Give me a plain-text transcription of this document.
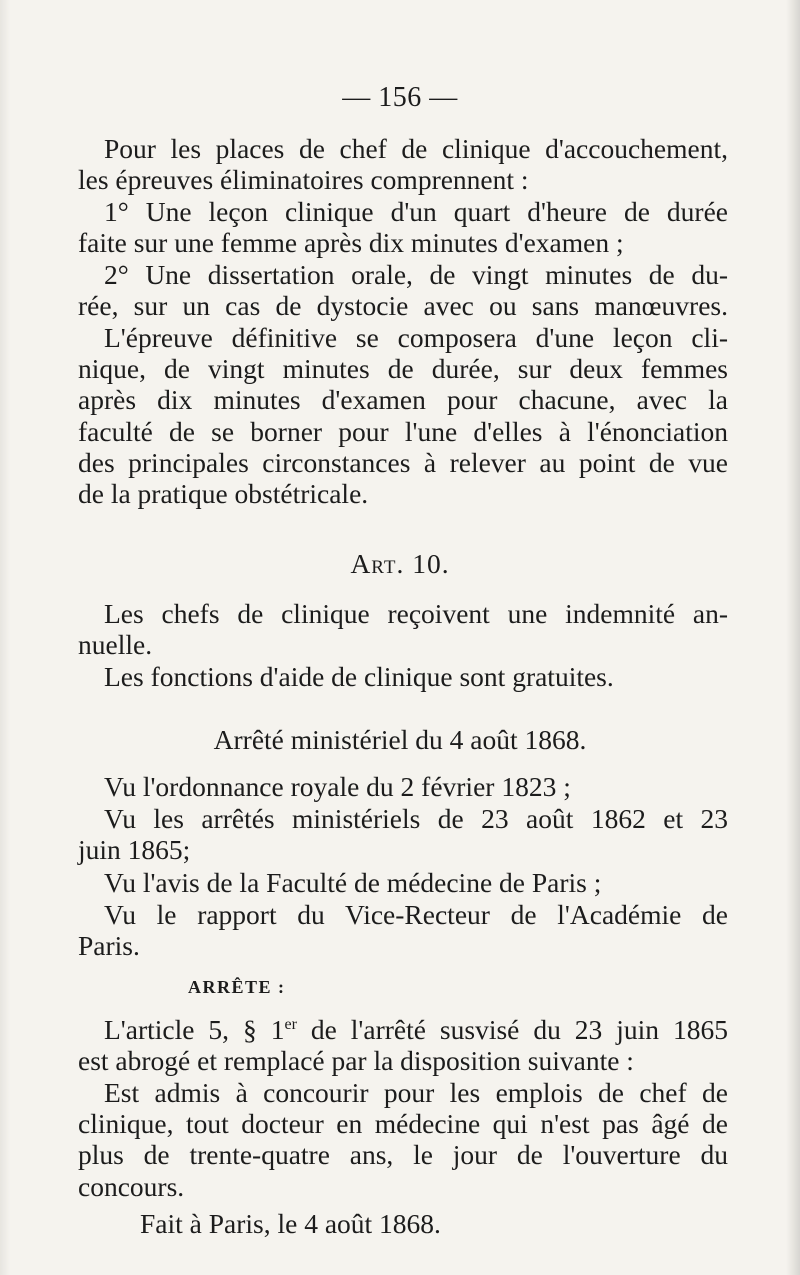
— 156 —
Pour les places de chef de clinique d'accouchement,
les épreuves éliminatoires comprennent :
1° Une leçon clinique d'un quart d'heure de durée
faite sur une femme après dix minutes d'examen ;
2° Une dissertation orale, de vingt minutes de du-
rée, sur un cas de dystocie avec ou sans manœuvres.
L'épreuve définitive se composera d'une leçon cli-
nique, de vingt minutes de durée, sur deux femmes
après dix minutes d'examen pour chacune, avec la
faculté de se borner pour l'une d'elles à l'énonciation
des principales circonstances à relever au point de vue
de la pratique obstétricale.
Art. 10.
Les chefs de clinique reçoivent une indemnité an-
nuelle.
Les fonctions d'aide de clinique sont gratuites.
Arrêté ministériel du 4 août 1868.
Vu l'ordonnance royale du 2 février 1823 ;
Vu les arrêtés ministériels de 23 août 1862 et 23
juin 1865;
Vu l'avis de la Faculté de médecine de Paris ;
Vu le rapport du Vice-Recteur de l'Académie de
Paris.
ARRÊTE :
L'article 5, § 1er de l'arrêté susvisé du 23 juin 1865
est abrogé et remplacé par la disposition suivante :
Est admis à concourir pour les emplois de chef de
clinique, tout docteur en médecine qui n'est pas âgé de
plus de trente-quatre ans, le jour de l'ouverture du
concours.
Fait à Paris, le 4 août 1868.
